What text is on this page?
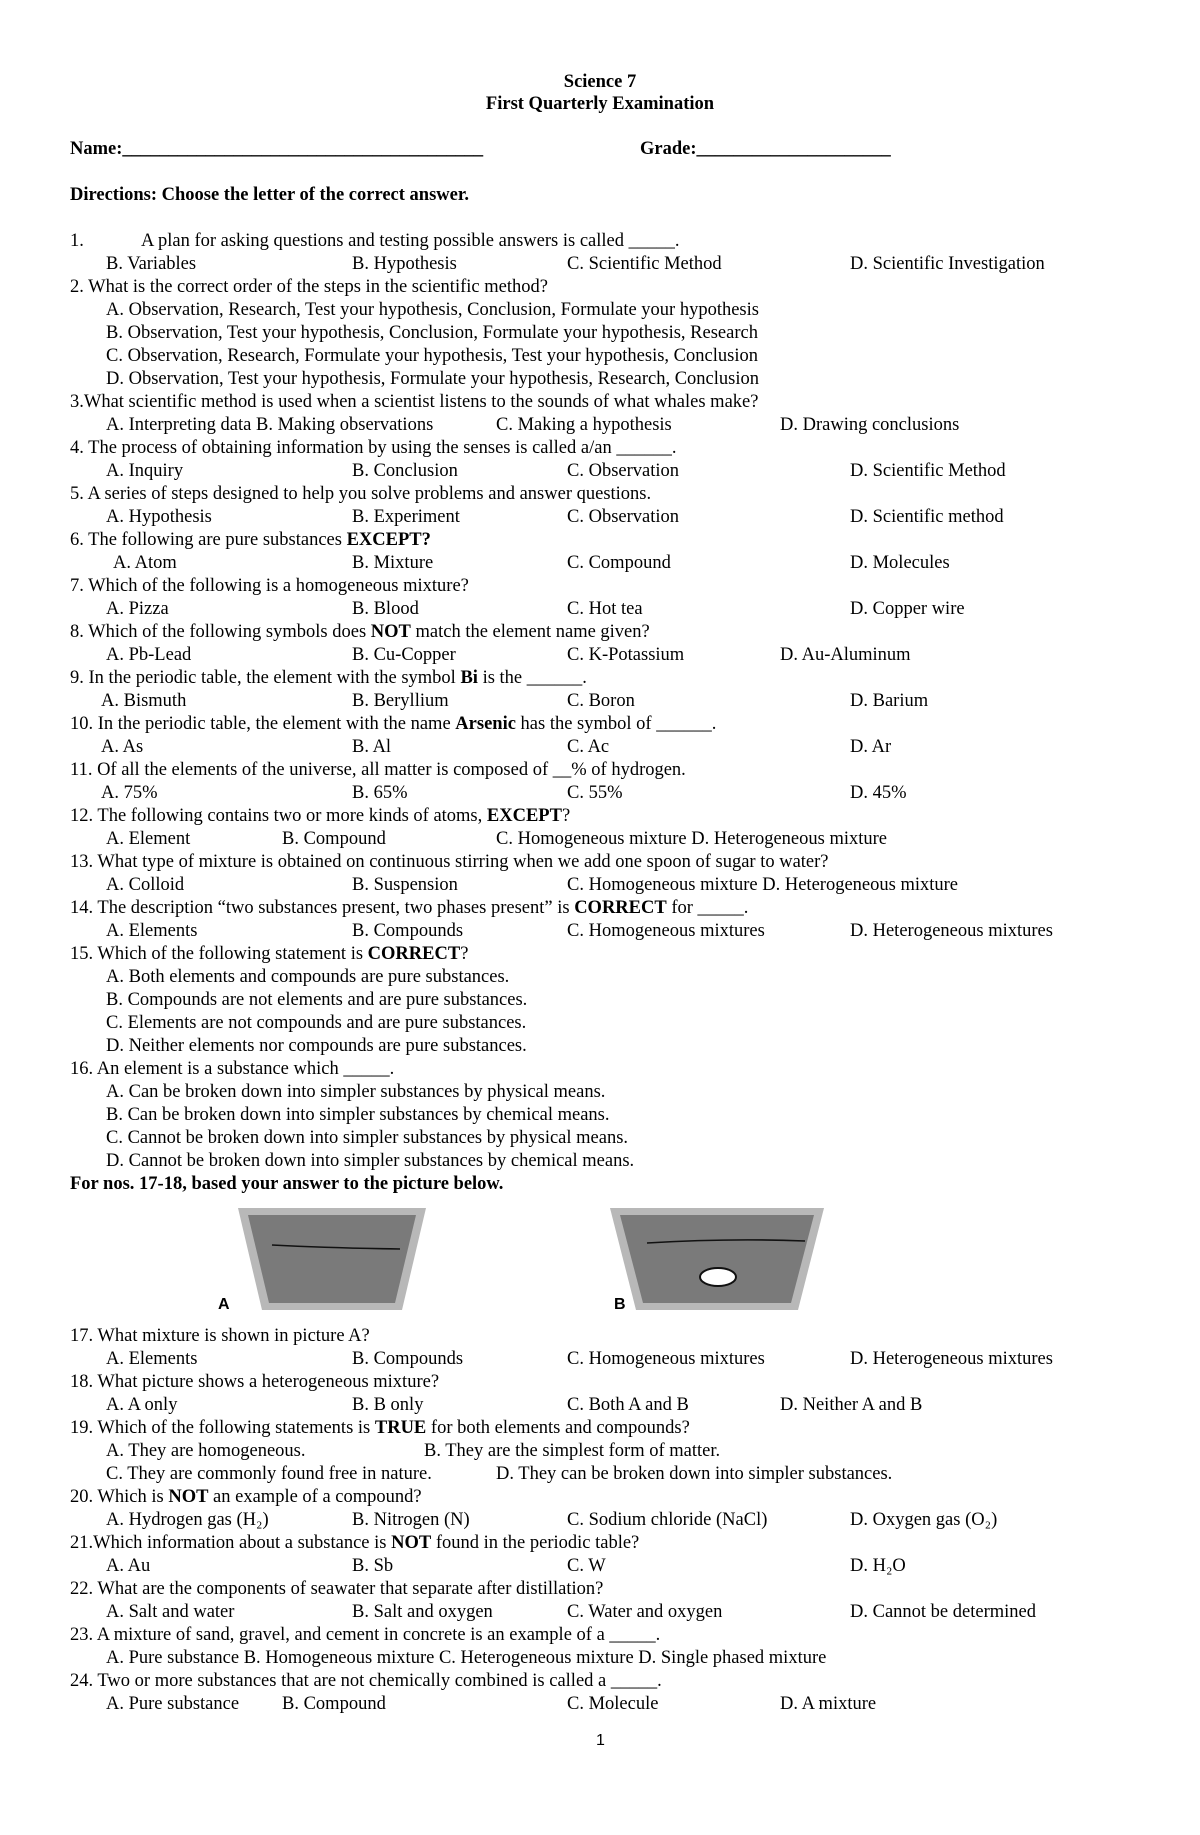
Science 7
First Quarterly Examination
Name:_______________________________________	Grade:_____________________
Directions: Choose the letter of the correct answer.
1.	A plan for asking questions and testing possible answers is called _____.
B. Variables	B. Hypothesis	C. Scientific Method	D. Scientific Investigation
2. What is the correct order of the steps in the scientific method?
A. Observation, Research, Test your hypothesis, Conclusion, Formulate your hypothesis
B. Observation, Test your hypothesis, Conclusion, Formulate your hypothesis, Research
C. Observation, Research, Formulate your hypothesis, Test your hypothesis, Conclusion
D. Observation, Test your hypothesis, Formulate your hypothesis, Research, Conclusion
3.What scientific method is used when a scientist listens to the sounds of what whales make?
A. Interpreting data B. Making observations	C. Making a hypothesis	D. Drawing conclusions
4. The process of obtaining information by using the senses is called a/an ______.
A. Inquiry	B. Conclusion	C. Observation	D. Scientific Method
5. A series of steps designed to help you solve problems and answer questions.
A. Hypothesis	B. Experiment	C. Observation	D. Scientific method
6. The following are pure substances EXCEPT?
A. Atom	B. Mixture	C. Compound	D. Molecules
7. Which of the following is a homogeneous mixture?
A. Pizza	B. Blood	C. Hot tea	D. Copper wire
8. Which of the following symbols does NOT match the element name given?
A. Pb-Lead	B. Cu-Copper	C. K-Potassium	D. Au-Aluminum
9. In the periodic table, the element with the symbol Bi is the ______.
A. Bismuth	B. Beryllium	C. Boron	D. Barium
10. In the periodic table, the element with the name Arsenic has the symbol of ______.
A. As	B. Al	C. Ac	D. Ar
11. Of all the elements of the universe, all matter is composed of __% of hydrogen.
A. 75%	B. 65%	C. 55%	D. 45%
12. The following contains two or more kinds of atoms, EXCEPT?
A. Element	B. Compound	C. Homogeneous mixture D. Heterogeneous mixture
13. What type of mixture is obtained on continuous stirring when we add one spoon of sugar to water?
A. Colloid	B. Suspension	C. Homogeneous mixture D. Heterogeneous mixture
14. The description “two substances present, two phases present” is CORRECT for _____.
A. Elements	B. Compounds	C. Homogeneous mixtures	D. Heterogeneous mixtures
15. Which of the following statement is CORRECT?
A. Both elements and compounds are pure substances.
B. Compounds are not elements and are pure substances.
C. Elements are not compounds and are pure substances.
D. Neither elements nor compounds are pure substances.
16. An element is a substance which _____.
A. Can be broken down into simpler substances by physical means.
B. Can be broken down into simpler substances by chemical means.
C. Cannot be broken down into simpler substances by physical means.
D. Cannot be broken down into simpler substances by chemical means.
For nos. 17-18, based your answer to the picture below.
A	B
17. What mixture is shown in picture A?
A. Elements	B. Compounds	C. Homogeneous mixtures	D. Heterogeneous mixtures
18. What picture shows a heterogeneous mixture?
A. A only	B. B only	C. Both A and B	D. Neither A and B
19. Which of the following statements is TRUE for both elements and compounds?
A. They are homogeneous.	B. They are the simplest form of matter.
C. They are commonly found free in nature.	D. They can be broken down into simpler substances.
20. Which is NOT an example of a compound?
A. Hydrogen gas (H₂)	B. Nitrogen (N)	C. Sodium chloride (NaCl)	D. Oxygen gas (O₂)
21.Which information about a substance is NOT found in the periodic table?
A. Au	B. Sb	C. W	D. H₂O
22. What are the components of seawater that separate after distillation?
A. Salt and water	B. Salt and oxygen	C. Water and oxygen	D. Cannot be determined
23. A mixture of sand, gravel, and cement in concrete is an example of a _____.
A. Pure substance B. Homogeneous mixture C. Heterogeneous mixture D. Single phased mixture
24. Two or more substances that are not chemically combined is called a _____.
A. Pure substance B. Compound	C. Molecule	D. A mixture
1
